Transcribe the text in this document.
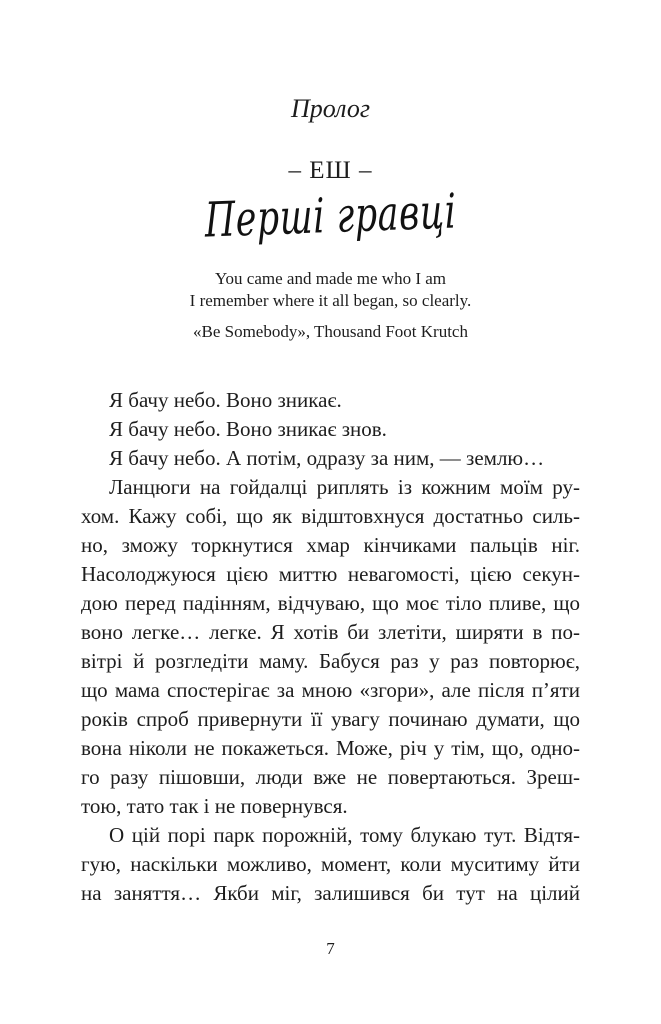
Пролог
– ЕШ –
Перші гравці
You came and made me who I am
I remember where it all began, so clearly.
«Be Somebody», Thousand Foot Krutch
Я бачу небо. Воно зникає.
Я бачу небо. Воно зникає знов.
Я бачу небо. А потім, одразу за ним, — землю…
Ланцюги на гойдалці риплять із кожним моїм ру-
хом. Кажу собі, що як відштовхнуся достатньо силь-
но, зможу торкнутися хмар кінчиками пальців ніг.
Насолоджуюся цією миттю невагомості, цією секун-
дою перед падінням, відчуваю, що моє тіло пливе, що
воно легке… легке. Я хотів би злетіти, ширяти в по-
вітрі й розгледіти маму. Бабуся раз у раз повторює,
що мама спостерігає за мною «згори», але після п’яти
років спроб привернути її увагу починаю думати, що
вона ніколи не покажеться. Може, річ у тім, що, одно-
го разу пішовши, люди вже не повертаються. Зреш-
тою, тато так і не повернувся.
О цій порі парк порожній, тому блукаю тут. Відтя-
гую, наскільки можливо, момент, коли муситиму йти
на заняття… Якби міг, залишився би тут на цілий
7
